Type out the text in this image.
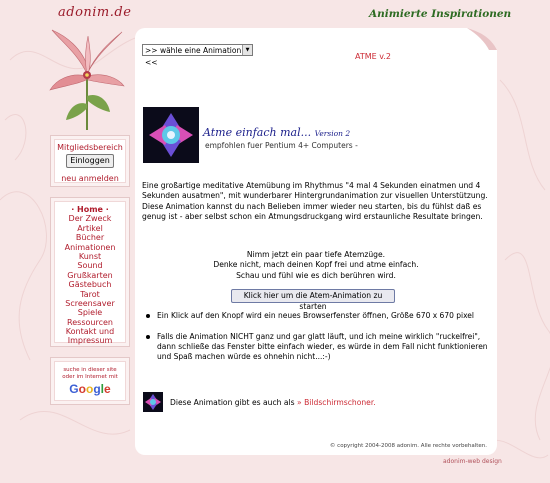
adonim.de	Animierte Inspirationen
Mitgliedsbereich
Einloggen
neu anmelden
· Home ·
Der Zweck
Artikel
Bücher
Animationen
Kunst
Sound
Grußkarten
Gästebuch
Tarot
Screensaver
Spiele
Ressourcen
Kontakt und
Impressum
suche in dieser site
oder im Internet mit
Google
>> wähle eine Animation <<
▼
ATME v.2
Atme einfach mal... Version 2
empfohlen fuer Pentium 4+ Computers -
Eine großartige meditative Atemübung im Rhythmus "4 mal 4 Sekunden einatmen und 4 Sekunden ausatmen", mit wunderbarer Hintergrundanimation zur visuellen Unterstützung. Diese Animation kannst du nach Belieben immer wieder neu starten, bis du fühlst daß es genug ist - aber selbst schon ein Atmungsdruckgang wird erstaunliche Resultate bringen.
Nimm jetzt ein paar tiefe Atemzüge.
Denke nicht, mach deinen Kopf frei und atme einfach.
Schau und fühl wie es dich berühren wird.
Klick hier um die Atem-Animation zu starten
Ein Klick auf den Knopf wird ein neues Browserfenster öffnen, Größe 670 x 670 pixel
Falls die Animation NICHT ganz und gar glatt läuft, und ich meine wirklich "ruckelfrei", dann schließe das Fenster bitte einfach wieder, es würde in dem Fall nicht funktionieren und Spaß machen würde es ohnehin nicht...:-)
Diese Animation gibt es auch als » Bildschirmschoner.
© copyright 2004-2008 adonim. Alle rechte vorbehalten.
adonim-web design
